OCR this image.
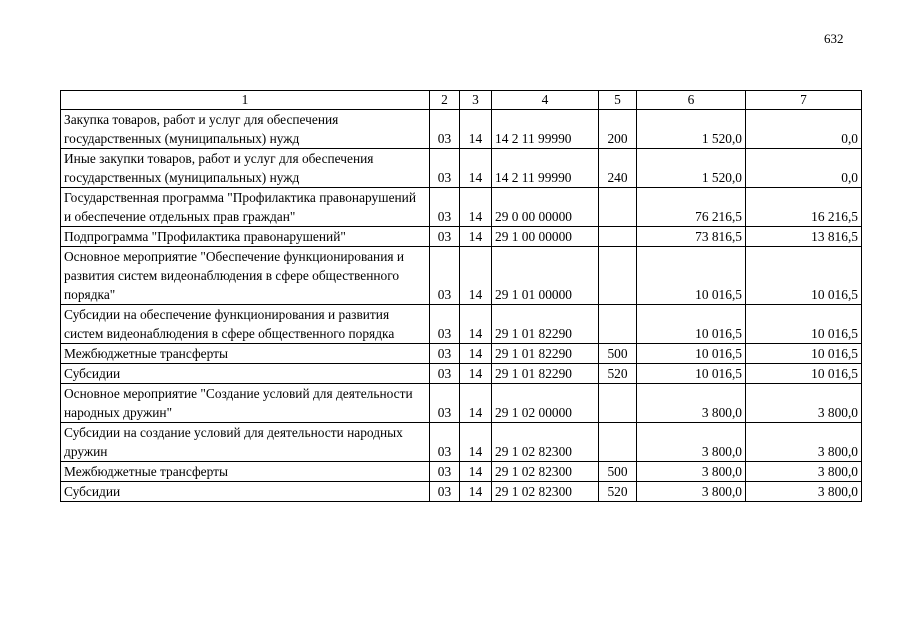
632
1	2	3	4	5	6	7
Закупка товаров, работ и услуг для обеспечения государственных (муниципальных) нужд	03	14	14 2 11 99990	200	1 520,0	0,0
Иные закупки товаров, работ и услуг для обеспечения государственных (муниципальных) нужд	03	14	14 2 11 99990	240	1 520,0	0,0
Государственная программа "Профилактика правонарушений и обеспечение отдельных прав граждан"	03	14	29 0 00 00000		76 216,5	16 216,5
Подпрограмма "Профилактика правонарушений"	03	14	29 1 00 00000		73 816,5	13 816,5
Основное мероприятие "Обеспечение функционирования и развития систем видеонаблюдения в сфере общественного порядка"	03	14	29 1 01 00000		10 016,5	10 016,5
Субсидии на обеспечение функционирования и развития систем видеонаблюдения в сфере общественного порядка	03	14	29 1 01 82290		10 016,5	10 016,5
Межбюджетные трансферты	03	14	29 1 01 82290	500	10 016,5	10 016,5
Субсидии	03	14	29 1 01 82290	520	10 016,5	10 016,5
Основное мероприятие "Создание условий для деятельности народных дружин"	03	14	29 1 02 00000		3 800,0	3 800,0
Субсидии на создание условий для деятельности народных дружин	03	14	29 1 02 82300		3 800,0	3 800,0
Межбюджетные трансферты	03	14	29 1 02 82300	500	3 800,0	3 800,0
Субсидии	03	14	29 1 02 82300	520	3 800,0	3 800,0
